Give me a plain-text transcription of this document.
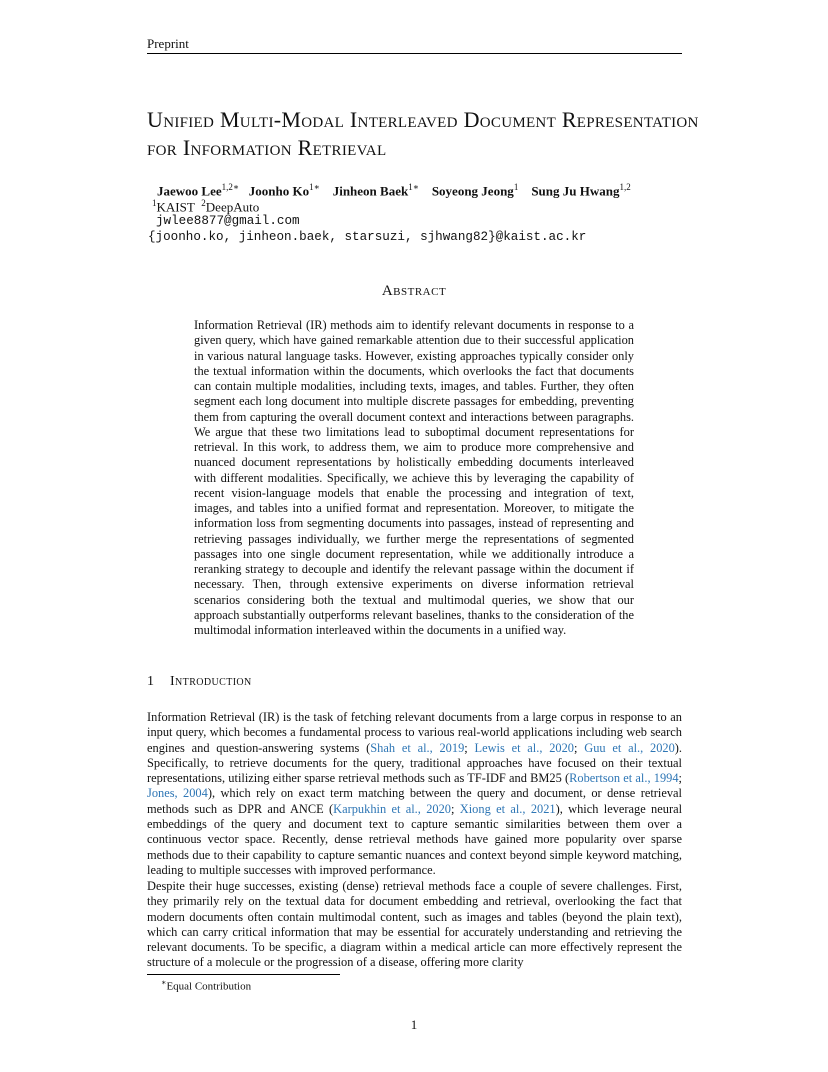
Preprint
Unified Multi-Modal Interleaved Document Representation for Information Retrieval
Jaewoo Lee$^{1,2∗}$ Joonho $Ko^{1∗}$ Jinheon Baek$^{1∗}$ Soyeong Jeong$^1$ Sung Ju Hwang$^{1,2}$
$^1$KAIST $^2$DeepAuto
jwlee8877@gmail.com
{joonho.ko, jinheon.baek, starsuzi, sjhwang82}@kaist.ac.kr
Abstract
Information Retrieval (IR) methods aim to identify relevant documents in response to a given query, which have gained remarkable attention due to their successful application in various natural language tasks. However, existing approaches typically consider only the textual information within the documents, which overlooks the fact that documents can contain multiple modalities, including texts, images, and tables. Further, they often segment each long document into multiple discrete passages for embedding, preventing them from capturing the overall document context and interactions between paragraphs. We argue that these two limitations lead to suboptimal document representations for retrieval. In this work, to address them, we aim to produce more comprehensive and nuanced document representations by holistically embedding documents interleaved with different modalities. Specifically, we achieve this by leveraging the capability of recent vision-language models that enable the processing and integration of text, images, and tables into a unified format and representation. Moreover, to mitigate the information loss from segmenting documents into passages, instead of representing and retrieving passages individually, we further merge the representations of segmented passages into one single document representation, while we additionally introduce a reranking strategy to decouple and identify the relevant passage within the document if necessary. Then, through extensive experiments on diverse information retrieval scenarios considering both the textual and multimodal queries, we show that our approach substantially outperforms relevant baselines, thanks to the consideration of the multimodal information interleaved within the documents in a unified way.
1 Introduction
Information Retrieval (IR) is the task of fetching relevant documents from a large corpus in response to an input query, which becomes a fundamental process to various real-world applications including web search engines and question-answering systems (Shah et al., 2019; Lewis et al., 2020; Guu et al., 2020). Specifically, to retrieve documents for the query, traditional approaches have focused on their textual representations, utilizing either sparse retrieval methods such as TF-IDF and BM25 (Robertson et al., 1994; Jones, 2004), which rely on exact term matching between the query and document, or dense retrieval methods such as DPR and ANCE (Karpukhin et al., 2020; Xiong et al., 2021), which leverage neural embeddings of the query and document text to capture semantic similarities between them over a continuous vector space. Recently, dense retrieval methods have gained more popularity over sparse methods due to their capability to capture semantic nuances and context beyond simple keyword matching, leading to multiple successes with improved performance.
Despite their huge successes, existing (dense) retrieval methods face a couple of severe challenges. First, they primarily rely on the textual data for document embedding and retrieval, overlooking the fact that modern documents often contain multimodal content, such as images and tables (beyond the plain text), which can carry critical information that may be essential for accurately understanding and retrieving the relevant documents. To be specific, a diagram within a medical article can more effectively represent the structure of a molecule or the progression of a disease, offering more clarity
∗Equal Contribution
1
